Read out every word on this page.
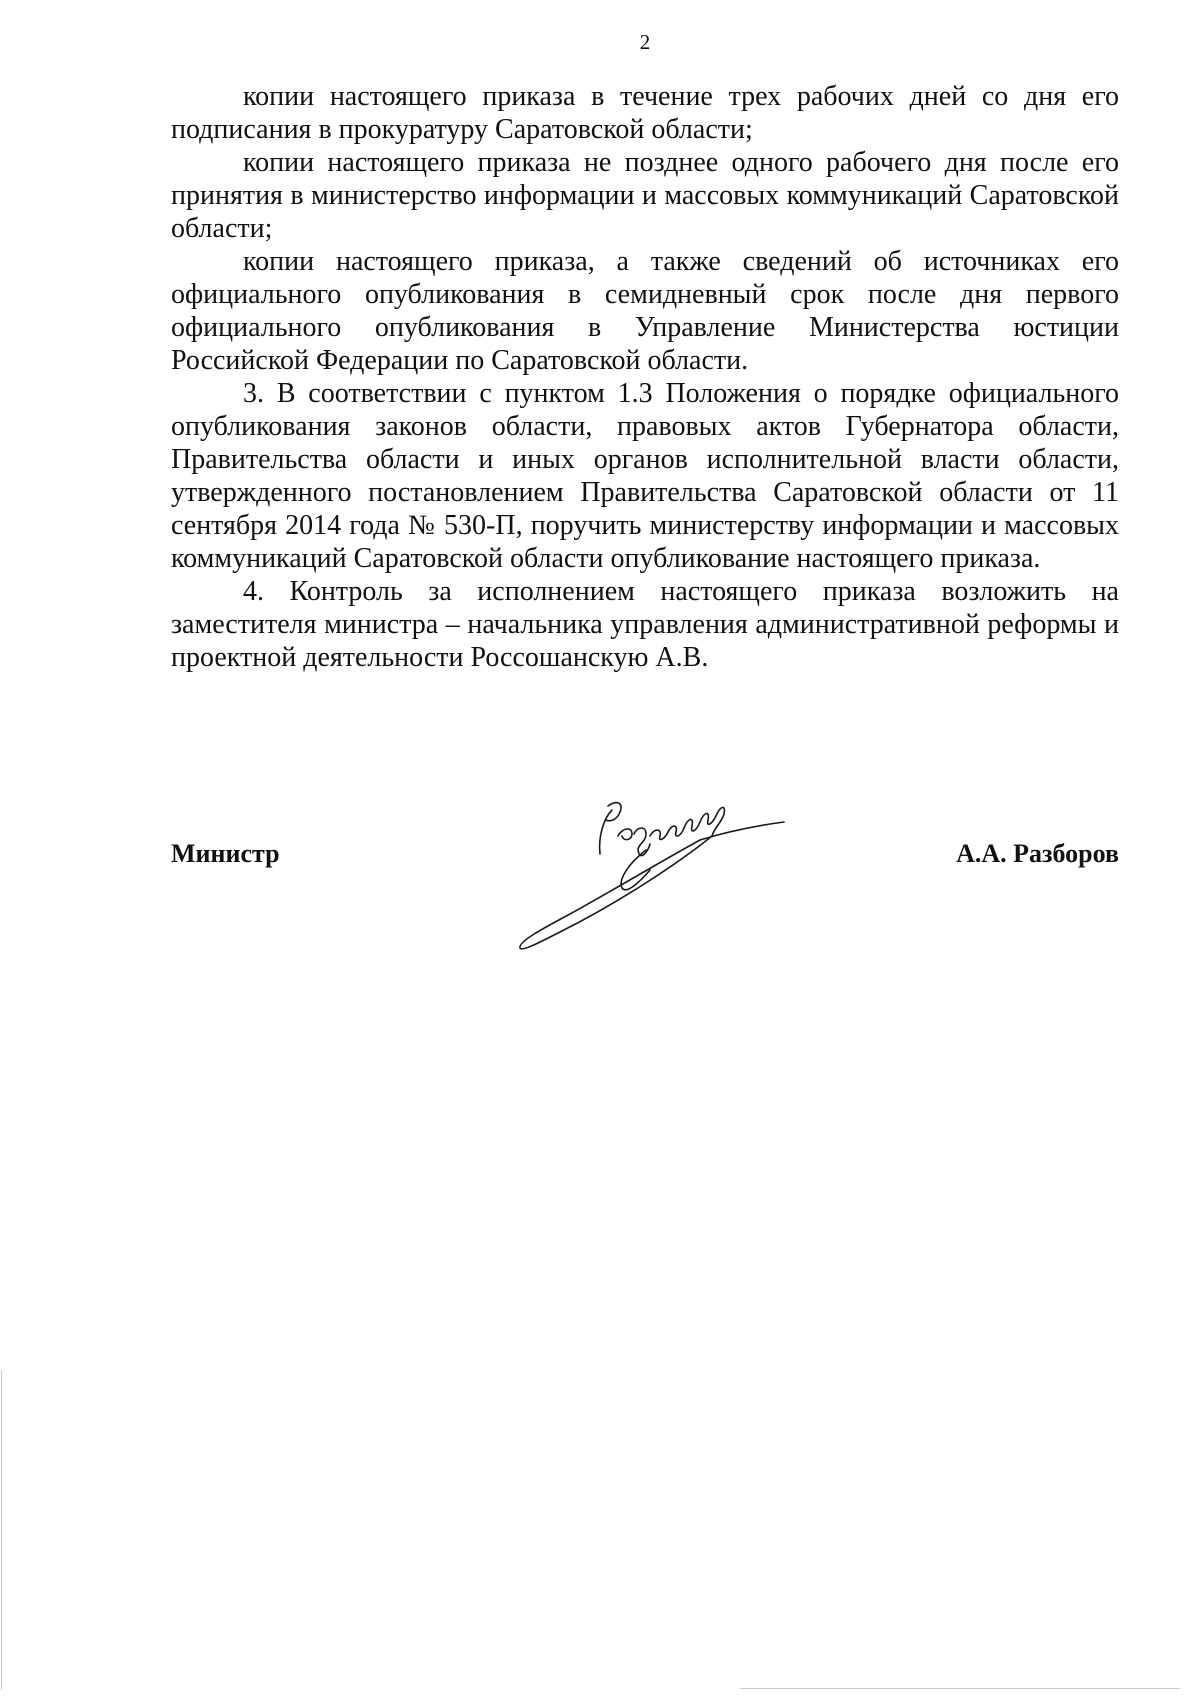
2

копии настоящего приказа в течение трех рабочих дней со дня его подписания в прокуратуру Саратовской области;

копии настоящего приказа не позднее одного рабочего дня после его принятия в министерство информации и массовых коммуникаций Саратовской области;

копии настоящего приказа, а также сведений об источниках его официального опубликования в семидневный срок после дня первого официального опубликования в Управление Министерства юстиции Российской Федерации по Саратовской области.

3. В соответствии с пунктом 1.3 Положения о порядке официального опубликования законов области, правовых актов Губернатора области, Правительства области и иных органов исполнительной власти области, утвержденного постановлением Правительства Саратовской области от 11 сентября 2014 года № 530-П, поручить министерству информации и массовых коммуникаций Саратовской области опубликование настоящего приказа.

4. Контроль за исполнением настоящего приказа возложить на заместителя министра – начальника управления административной реформы и проектной деятельности Россошанскую А.В.

Министр	А.А. Разборов
